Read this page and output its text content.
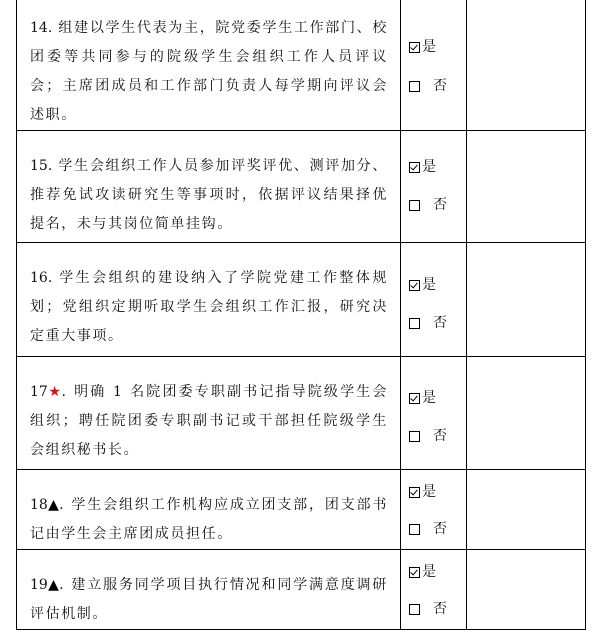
14. 组建以学生代表为主，院党委学生工作部门、校团委等共同参与的院级学生会组织工作人员评议会；主席团成员和工作部门负责人每学期向评议会述职。	是
否	

15. 学生会组织工作人员参加评奖评优、测评加分、推荐免试攻读研究生等事项时，依据评议结果择优提名，未与其岗位简单挂钩。	是
否	

16. 学生会组织的建设纳入了学院党建工作整体规划；党组织定期听取学生会组织工作汇报，研究决定重大事项。	是
否	

17★. 明确 1 名院团委专职副书记指导院级学生会组织；聘任院团委专职副书记或干部担任院级学生会组织秘书长。	是
否	

18▲. 学生会组织工作机构应成立团支部，团支部书记由学生会主席团成员担任。	是
否	

19▲. 建立服务同学项目执行情况和同学满意度调研评估机制。	是
否	
